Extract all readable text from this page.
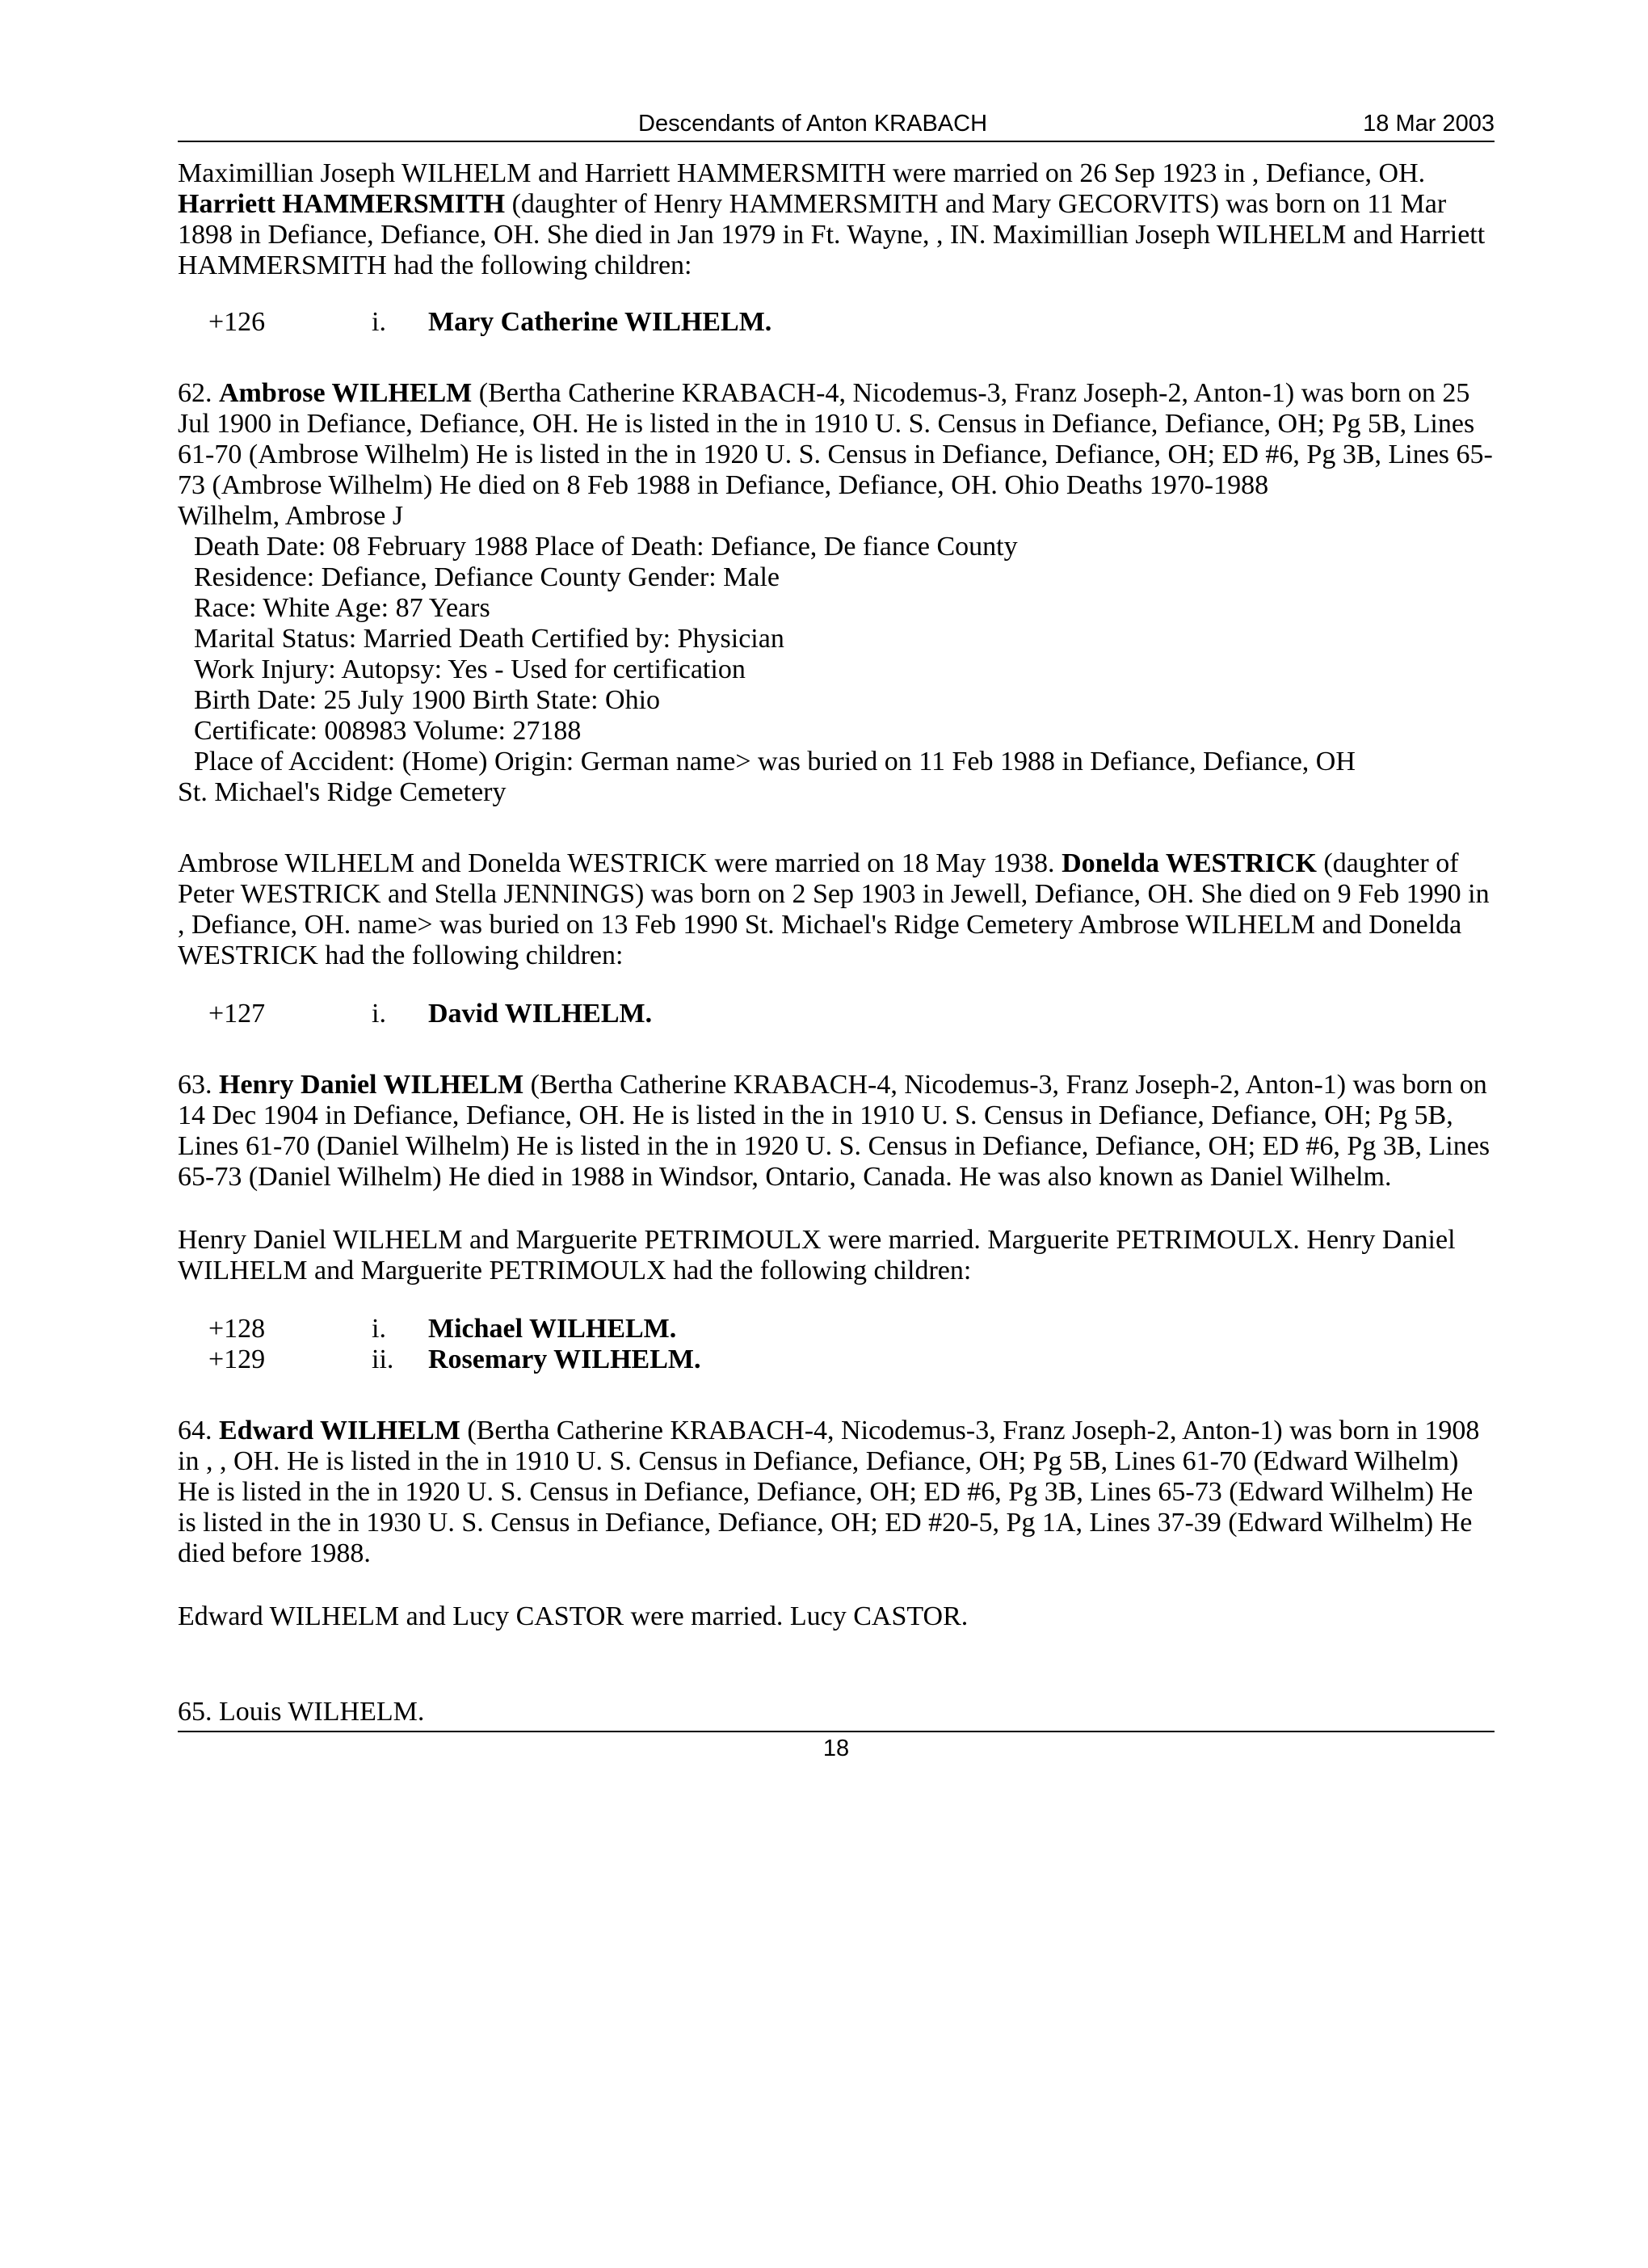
Descendants of Anton KRABACH	18 Mar 2003

Maximillian Joseph WILHELM and Harriett HAMMERSMITH were married on 26 Sep 1923 in , Defiance, OH. Harriett HAMMERSMITH (daughter of Henry HAMMERSMITH and Mary GECORVITS) was born on 11 Mar 1898 in Defiance, Defiance, OH. She died in Jan 1979 in Ft. Wayne, , IN. Maximillian Joseph WILHELM and Harriett HAMMERSMITH had the following children:

+126	i. Mary Catherine WILHELM.

62. Ambrose WILHELM (Bertha Catherine KRABACH-4, Nicodemus-3, Franz Joseph-2, Anton-1) was born on 25 Jul 1900 in Defiance, Defiance, OH. He is listed in the in 1910 U. S. Census in Defiance, Defiance, OH; Pg 5B, Lines 61-70 (Ambrose Wilhelm) He is listed in the in 1920 U. S. Census in Defiance, Defiance, OH; ED #6, Pg 3B, Lines 65-73 (Ambrose Wilhelm) He died on 8 Feb 1988 in Defiance, Defiance, OH. Ohio Deaths 1970-1988

Wilhelm, Ambrose J

Death Date: 08 February 1988 Place of Death: Defiance, De fiance County

Residence: Defiance, Defiance County Gender: Male

Race: White Age: 87 Years

Marital Status: Married Death Certified by: Physician

Work Injury: Autopsy: Yes - Used for certification

Birth Date: 25 July 1900 Birth State: Ohio

Certificate: 008983 Volume: 27188

Place of Accident: (Home) Origin: German name> was buried on 11 Feb 1988 in Defiance, Defiance, OH

St. Michael's Ridge Cemetery

Ambrose WILHELM and Donelda WESTRICK were married on 18 May 1938. Donelda WESTRICK (daughter of Peter WESTRICK and Stella JENNINGS) was born on 2 Sep 1903 in Jewell, Defiance, OH. She died on 9 Feb 1990 in , Defiance, OH. name> was buried on 13 Feb 1990 St. Michael's Ridge Cemetery Ambrose WILHELM and Donelda WESTRICK had the following children:

+127	i. David WILHELM.

63. Henry Daniel WILHELM (Bertha Catherine KRABACH-4, Nicodemus-3, Franz Joseph-2, Anton-1) was born on 14 Dec 1904 in Defiance, Defiance, OH. He is listed in the in 1910 U. S. Census in Defiance, Defiance, OH; Pg 5B, Lines 61-70 (Daniel Wilhelm) He is listed in the in 1920 U. S. Census in Defiance, Defiance, OH; ED #6, Pg 3B, Lines 65-73 (Daniel Wilhelm) He died in 1988 in Windsor, Ontario, Canada. He was also known as Daniel Wilhelm.

Henry Daniel WILHELM and Marguerite PETRIMOULX were married. Marguerite PETRIMOULX. Henry Daniel WILHELM and Marguerite PETRIMOULX had the following children:

+128	i. Michael WILHELM.
+129	ii. Rosemary WILHELM.

64. Edward WILHELM (Bertha Catherine KRABACH-4, Nicodemus-3, Franz Joseph-2, Anton-1) was born in 1908 in , , OH. He is listed in the in 1910 U. S. Census in Defiance, Defiance, OH; Pg 5B, Lines 61-70 (Edward Wilhelm) He is listed in the in 1920 U. S. Census in Defiance, Defiance, OH; ED #6, Pg 3B, Lines 65-73 (Edward Wilhelm) He is listed in the in 1930 U. S. Census in Defiance, Defiance, OH; ED #20-5, Pg 1A, Lines 37-39 (Edward Wilhelm) He died before 1988.

Edward WILHELM and Lucy CASTOR were married. Lucy CASTOR.

65. Louis WILHELM.

18
